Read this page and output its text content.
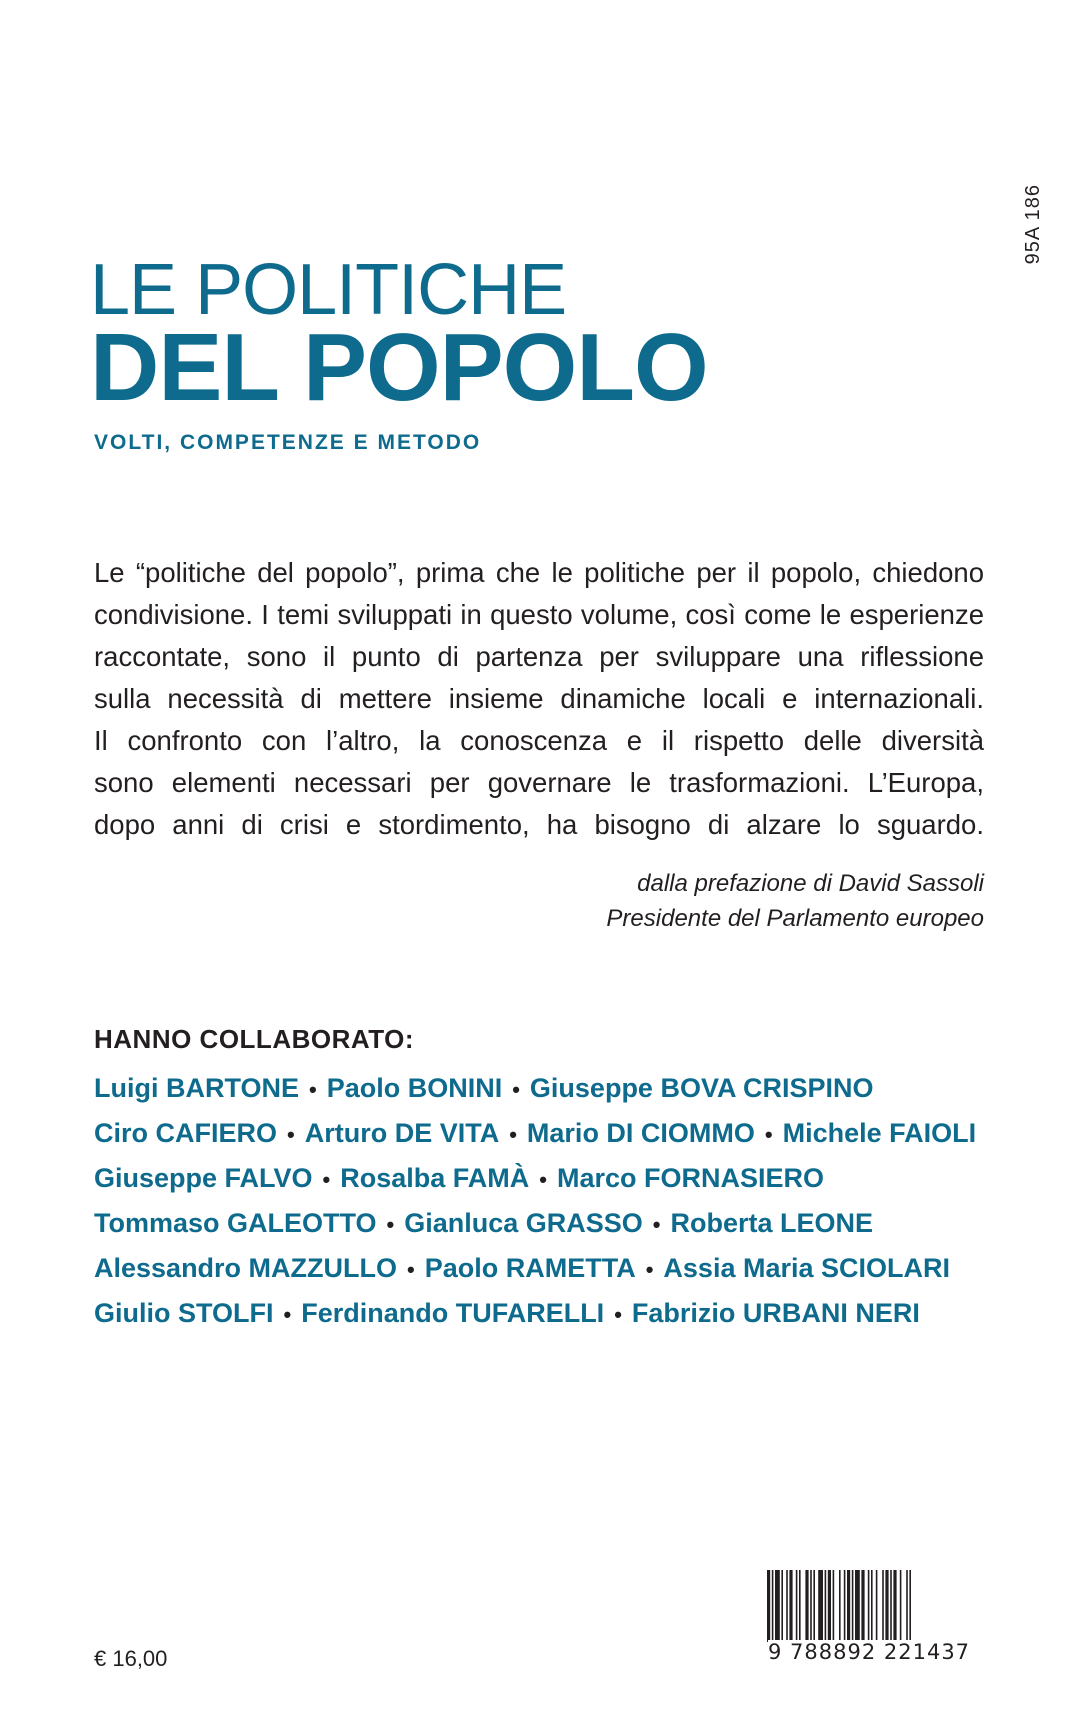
95A 186
LE POLITICHE
DEL POPOLO
VOLTI, COMPETENZE E METODO
Le “politiche del popolo”, prima che le politiche per il popolo, chiedono
condivisione. I temi sviluppati in questo volume, così come le esperienze
raccontate, sono il punto di partenza per sviluppare una riflessione
sulla necessità di mettere insieme dinamiche locali e internazionali.
Il confronto con l’altro, la conoscenza e il rispetto delle diversità
sono elementi necessari per governare le trasformazioni. L’Europa,
dopo anni di crisi e stordimento, ha bisogno di alzare lo sguardo.
dalla prefazione di David Sassoli
Presidente del Parlamento europeo
HANNO COLLABORATO:
Luigi BARTONE • Paolo BONINI • Giuseppe BOVA CRISPINO
Ciro CAFIERO • Arturo DE VITA • Mario DI CIOMMO • Michele FAIOLI
Giuseppe FALVO • Rosalba FAMÀ • Marco FORNASIERO
Tommaso GALEOTTO • Gianluca GRASSO • Roberta LEONE
Alessandro MAZZULLO • Paolo RAMETTA • Assia Maria SCIOLARI
Giulio STOLFI • Ferdinando TUFARELLI • Fabrizio URBANI NERI
€ 16,00	9 788892 221437
